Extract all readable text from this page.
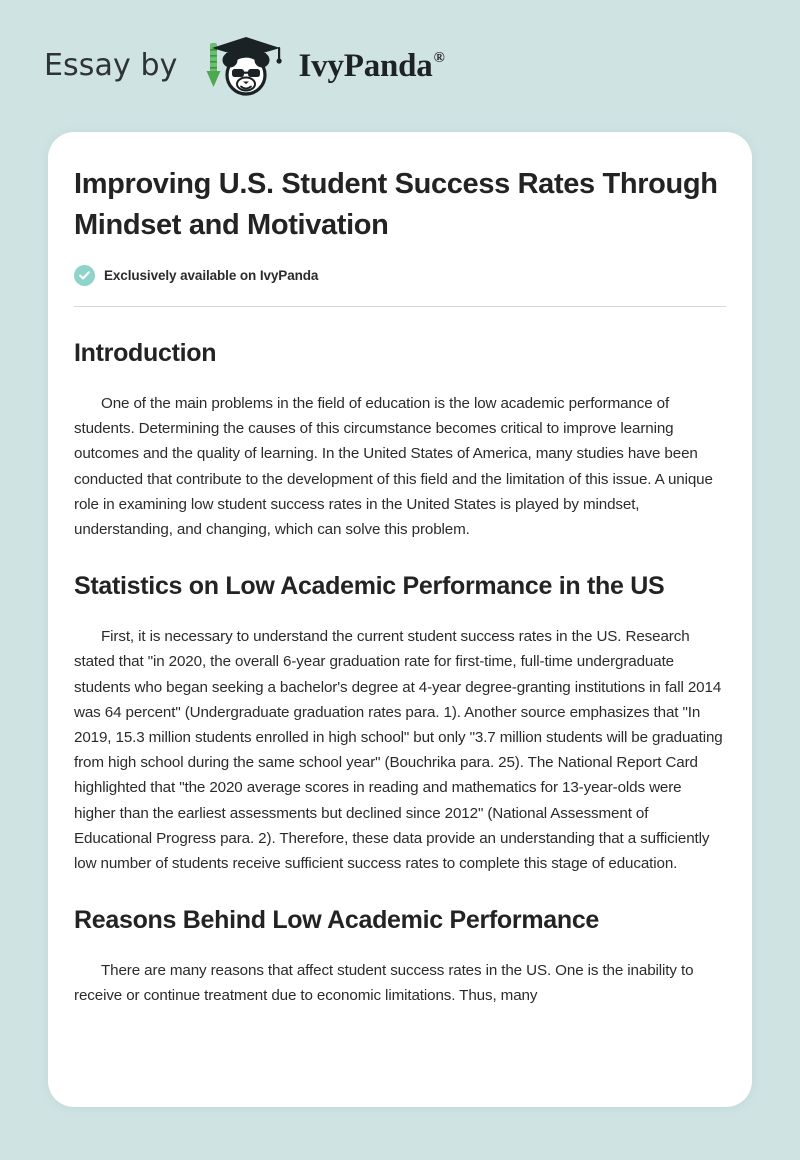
Essay by	IvyPanda®
Improving U.S. Student Success Rates Through Mindset and Motivation
Exclusively available on IvyPanda
Introduction

One of the main problems in the field of education is the low academic performance of students. Determining the causes of this circumstance becomes critical to improve learning outcomes and the quality of learning. In the United States of America, many studies have been conducted that contribute to the development of this field and the limitation of this issue. A unique role in examining low student success rates in the United States is played by mindset, understanding, and changing, which can solve this problem.

Statistics on Low Academic Performance in the US

First, it is necessary to understand the current student success rates in the US. Research stated that "in 2020, the overall 6-year graduation rate for first-time, full-time undergraduate students who began seeking a bachelor's degree at 4-year degree-granting institutions in fall 2014 was 64 percent" (Undergraduate graduation rates para. 1). Another source emphasizes that "In 2019, 15.3 million students enrolled in high school" but only "3.7 million students will be graduating from high school during the same school year" (Bouchrika para. 25). The National Report Card highlighted that "the 2020 average scores in reading and mathematics for 13-year-olds were higher than the earliest assessments but declined since 2012" (National Assessment of Educational Progress para. 2). Therefore, these data provide an understanding that a sufficiently low number of students receive sufficient success rates to complete this stage of education.

Reasons Behind Low Academic Performance

There are many reasons that affect student success rates in the US. One is the inability to receive or continue treatment due to economic limitations. Thus, many
